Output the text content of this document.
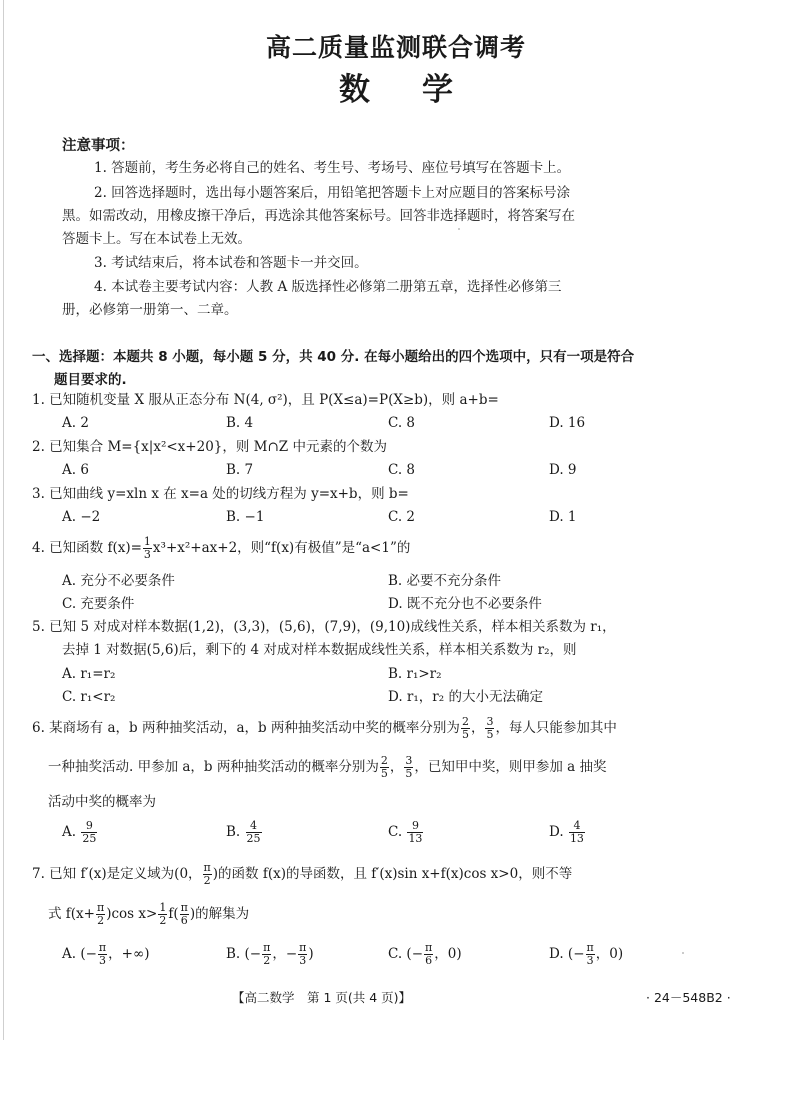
高二质量监测联合调考
数学
注意事项：
1. 答题前，考生务必将自己的姓名、考生号、考场号、座位号填写在答题卡上。
2. 回答选择题时，选出每小题答案后，用铅笔把答题卡上对应题目的答案标号涂
黑。如需改动，用橡皮擦干净后，再选涂其他答案标号。回答非选择题时，将答案写在
答题卡上。写在本试卷上无效。
3. 考试结束后，将本试卷和答题卡一并交回。
4. 本试卷主要考试内容：人教 A 版选择性必修第二册第五章，选择性必修第三
册，必修第一册第一、二章。
一、选择题：本题共 8 小题，每小题 5 分，共 40 分. 在每小题给出的四个选项中，只有一项是符合
题目要求的.
1. 已知随机变量 X 服从正态分布 N(4, σ²)，且 P(X≤a)=P(X≥b)，则 a+b=
A. 2	B. 4	C. 8	D. 16
2. 已知集合 M={x|x²<x+20}，则 M∩Z 中元素的个数为
A. 6	B. 7	C. 8	D. 9
3. 已知曲线 y=xln x 在 x=a 处的切线方程为 y=x+b，则 b=
A. −2	B. −1	C. 2	D. 1
4. 已知函数 $f(x)= \frac{1}{3} x^3+x^2+ax+2$，则“f(x)有极值”是“a<1”的
A. 充分不必要条件	B. 必要不充分条件
C. 充要条件	D. 既不充分也不必要条件
5. 已知 5 对成对样本数据(1,2)，(3,3)，(5,6)，(7,9)，(9,10)成线性关系，样本相关系数为 r₁，
去掉 1 对数据(5,6)后，剩下的 4 对成对样本数据成线性关系，样本相关系数为 r₂，则
A. r₁=r₂	B. r₁>r₂
C. r₁<r₂	D. r₁，r₂ 的大小无法确定
6. 某商场有 a，b 两种抽奖活动，a，b 两种抽奖活动中奖的概率分别为 $\frac{2}{5}$ ， $\frac{3}{5}$ ，每人只能参加其中
一种抽奖活动. 甲参加 a，b 两种抽奖活动的概率分别为 $\frac{2}{5}$ ， $\frac{3}{5}$ ，已知甲中奖，则甲参加 a 抽奖
活动中奖的概率为
A. $\frac{9}{25}$	B. $\frac{4}{25}$	C. $\frac{9}{13}$	D. $\frac{4}{13}$
7. 已知 f′(x)是定义域为(0， $\frac{\pi}{2}$ )的函数 f(x)的导函数，且 f′(x)sin x+f(x)cos x>0，则不等
式 $f(x+ \frac{\pi}{2} )\cos$ $x> \frac{1}{2} f( \frac{\pi}{6}$ )的解集为
A. (− $\frac{\pi}{3}$ ，+∞)	B. (− $\frac{\pi}{2}$ ，− $\frac{\pi}{3}$ )	C. (− $\frac{\pi}{6}$ ，0)	D. (− $\frac{\pi}{3}$ ，0)
【高二数学　第 1 页(共 4 页)】	· 24－548B2 ·
